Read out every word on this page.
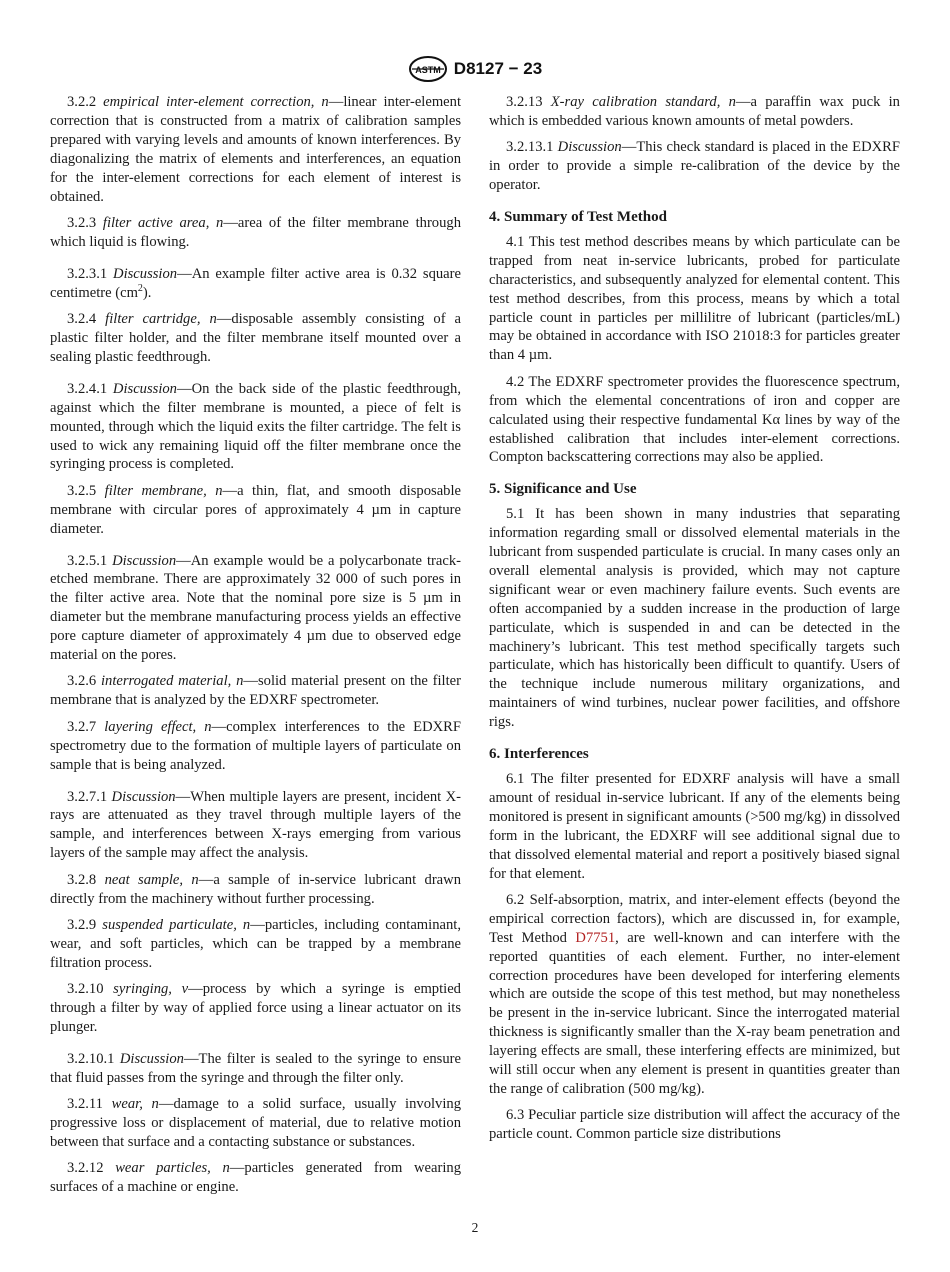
ASTM D8127 − 23

3.2.2 empirical inter-element correction, n—linear inter-element correction that is constructed from a matrix of calibration samples prepared with varying levels and amounts of known interferences. By diagonalizing the matrix of elements and interferences, an equation for the inter-element corrections for each element of interest is obtained.

3.2.3 filter active area, n—area of the filter membrane through which liquid is flowing.

3.2.3.1 Discussion—An example filter active area is 0.32 square centimetre $(cm^2)$.

3.2.4 filter cartridge, n—disposable assembly consisting of a plastic filter holder, and the filter membrane itself mounted over a sealing plastic feedthrough.

3.2.4.1 Discussion—On the back side of the plastic feedthrough, against which the filter membrane is mounted, a piece of felt is mounted, through which the liquid exits the filter cartridge. The felt is used to wick any remaining liquid off the filter membrane once the syringing process is completed.

3.2.5 filter membrane, n—a thin, flat, and smooth disposable membrane with circular pores of approximately 4 µm in capture diameter.

3.2.5.1 Discussion—An example would be a polycarbonate track-etched membrane. There are approximately 32 000 of such pores in the filter active area. Note that the nominal pore size is 5 µm in diameter but the membrane manufacturing process yields an effective pore capture diameter of approximately 4 µm due to observed edge material on the pores.

3.2.6 interrogated material, n—solid material present on the filter membrane that is analyzed by the EDXRF spectrometer.

3.2.7 layering effect, n—complex interferences to the EDXRF spectrometry due to the formation of multiple layers of particulate on sample that is being analyzed.

3.2.7.1 Discussion—When multiple layers are present, incident X-rays are attenuated as they travel through multiple layers of the sample, and interferences between X-rays emerging from various layers of the sample may affect the analysis.

3.2.8 neat sample, n—a sample of in-service lubricant drawn directly from the machinery without further processing.

3.2.9 suspended particulate, n—particles, including contaminant, wear, and soft particles, which can be trapped by a membrane filtration process.

3.2.10 syringing, v—process by which a syringe is emptied through a filter by way of applied force using a linear actuator on its plunger.

3.2.10.1 Discussion—The filter is sealed to the syringe to ensure that fluid passes from the syringe and through the filter only.

3.2.11 wear, n—damage to a solid surface, usually involving progressive loss or displacement of material, due to relative motion between that surface and a contacting substance or substances.

3.2.12 wear particles, n—particles generated from wearing surfaces of a machine or engine.

3.2.13 X-ray calibration standard, n—a paraffin wax puck in which is embedded various known amounts of metal powders.

3.2.13.1 Discussion—This check standard is placed in the EDXRF in order to provide a simple re-calibration of the device by the operator.

4. Summary of Test Method

4.1 This test method describes means by which particulate can be trapped from neat in-service lubricants, probed for particulate characteristics, and subsequently analyzed for elemental content. This test method describes, from this process, means by which a total particle count in particles per millilitre of lubricant (particles/mL) may be obtained in accordance with ISO 21018:3 for particles greater than 4 µm.

4.2 The EDXRF spectrometer provides the fluorescence spectrum, from which the elemental concentrations of iron and copper are calculated using their respective fundamental Kα lines by way of the established calibration that includes inter-element corrections. Compton backscattering corrections may also be applied.

5. Significance and Use

5.1 It has been shown in many industries that separating information regarding small or dissolved elemental materials in the lubricant from suspended particulate is crucial. In many cases only an overall elemental analysis is provided, which may not capture significant wear or even machinery failure events. Such events are often accompanied by a sudden increase in the production of large particulate, which is suspended in and can be detected in the machinery’s lubricant. This test method specifically targets such particulate, which has historically been difficult to quantify. Users of the technique include numerous military organizations, and maintainers of wind turbines, nuclear power facilities, and offshore rigs.

6. Interferences

6.1 The filter presented for EDXRF analysis will have a small amount of residual in-service lubricant. If any of the elements being monitored is present in significant amounts (>500 mg/kg) in dissolved form in the lubricant, the EDXRF will see additional signal due to that dissolved elemental material and report a positively biased signal for that element.

6.2 Self-absorption, matrix, and inter-element effects (beyond the empirical correction factors), which are discussed in, for example, Test Method D7751, are well-known and can interfere with the reported quantities of each element. Further, no inter-element correction procedures have been developed for interfering elements which are outside the scope of this test method, but may nonetheless be present in the in-service lubricant. Since the interrogated material thickness is significantly smaller than the X-ray beam penetration and layering effects are small, these interfering effects are minimized, but will still occur when any element is present in quantities greater than the range of calibration (500 mg/kg).

6.3 Peculiar particle size distribution will affect the accuracy of the particle count. Common particle size distributions

2
